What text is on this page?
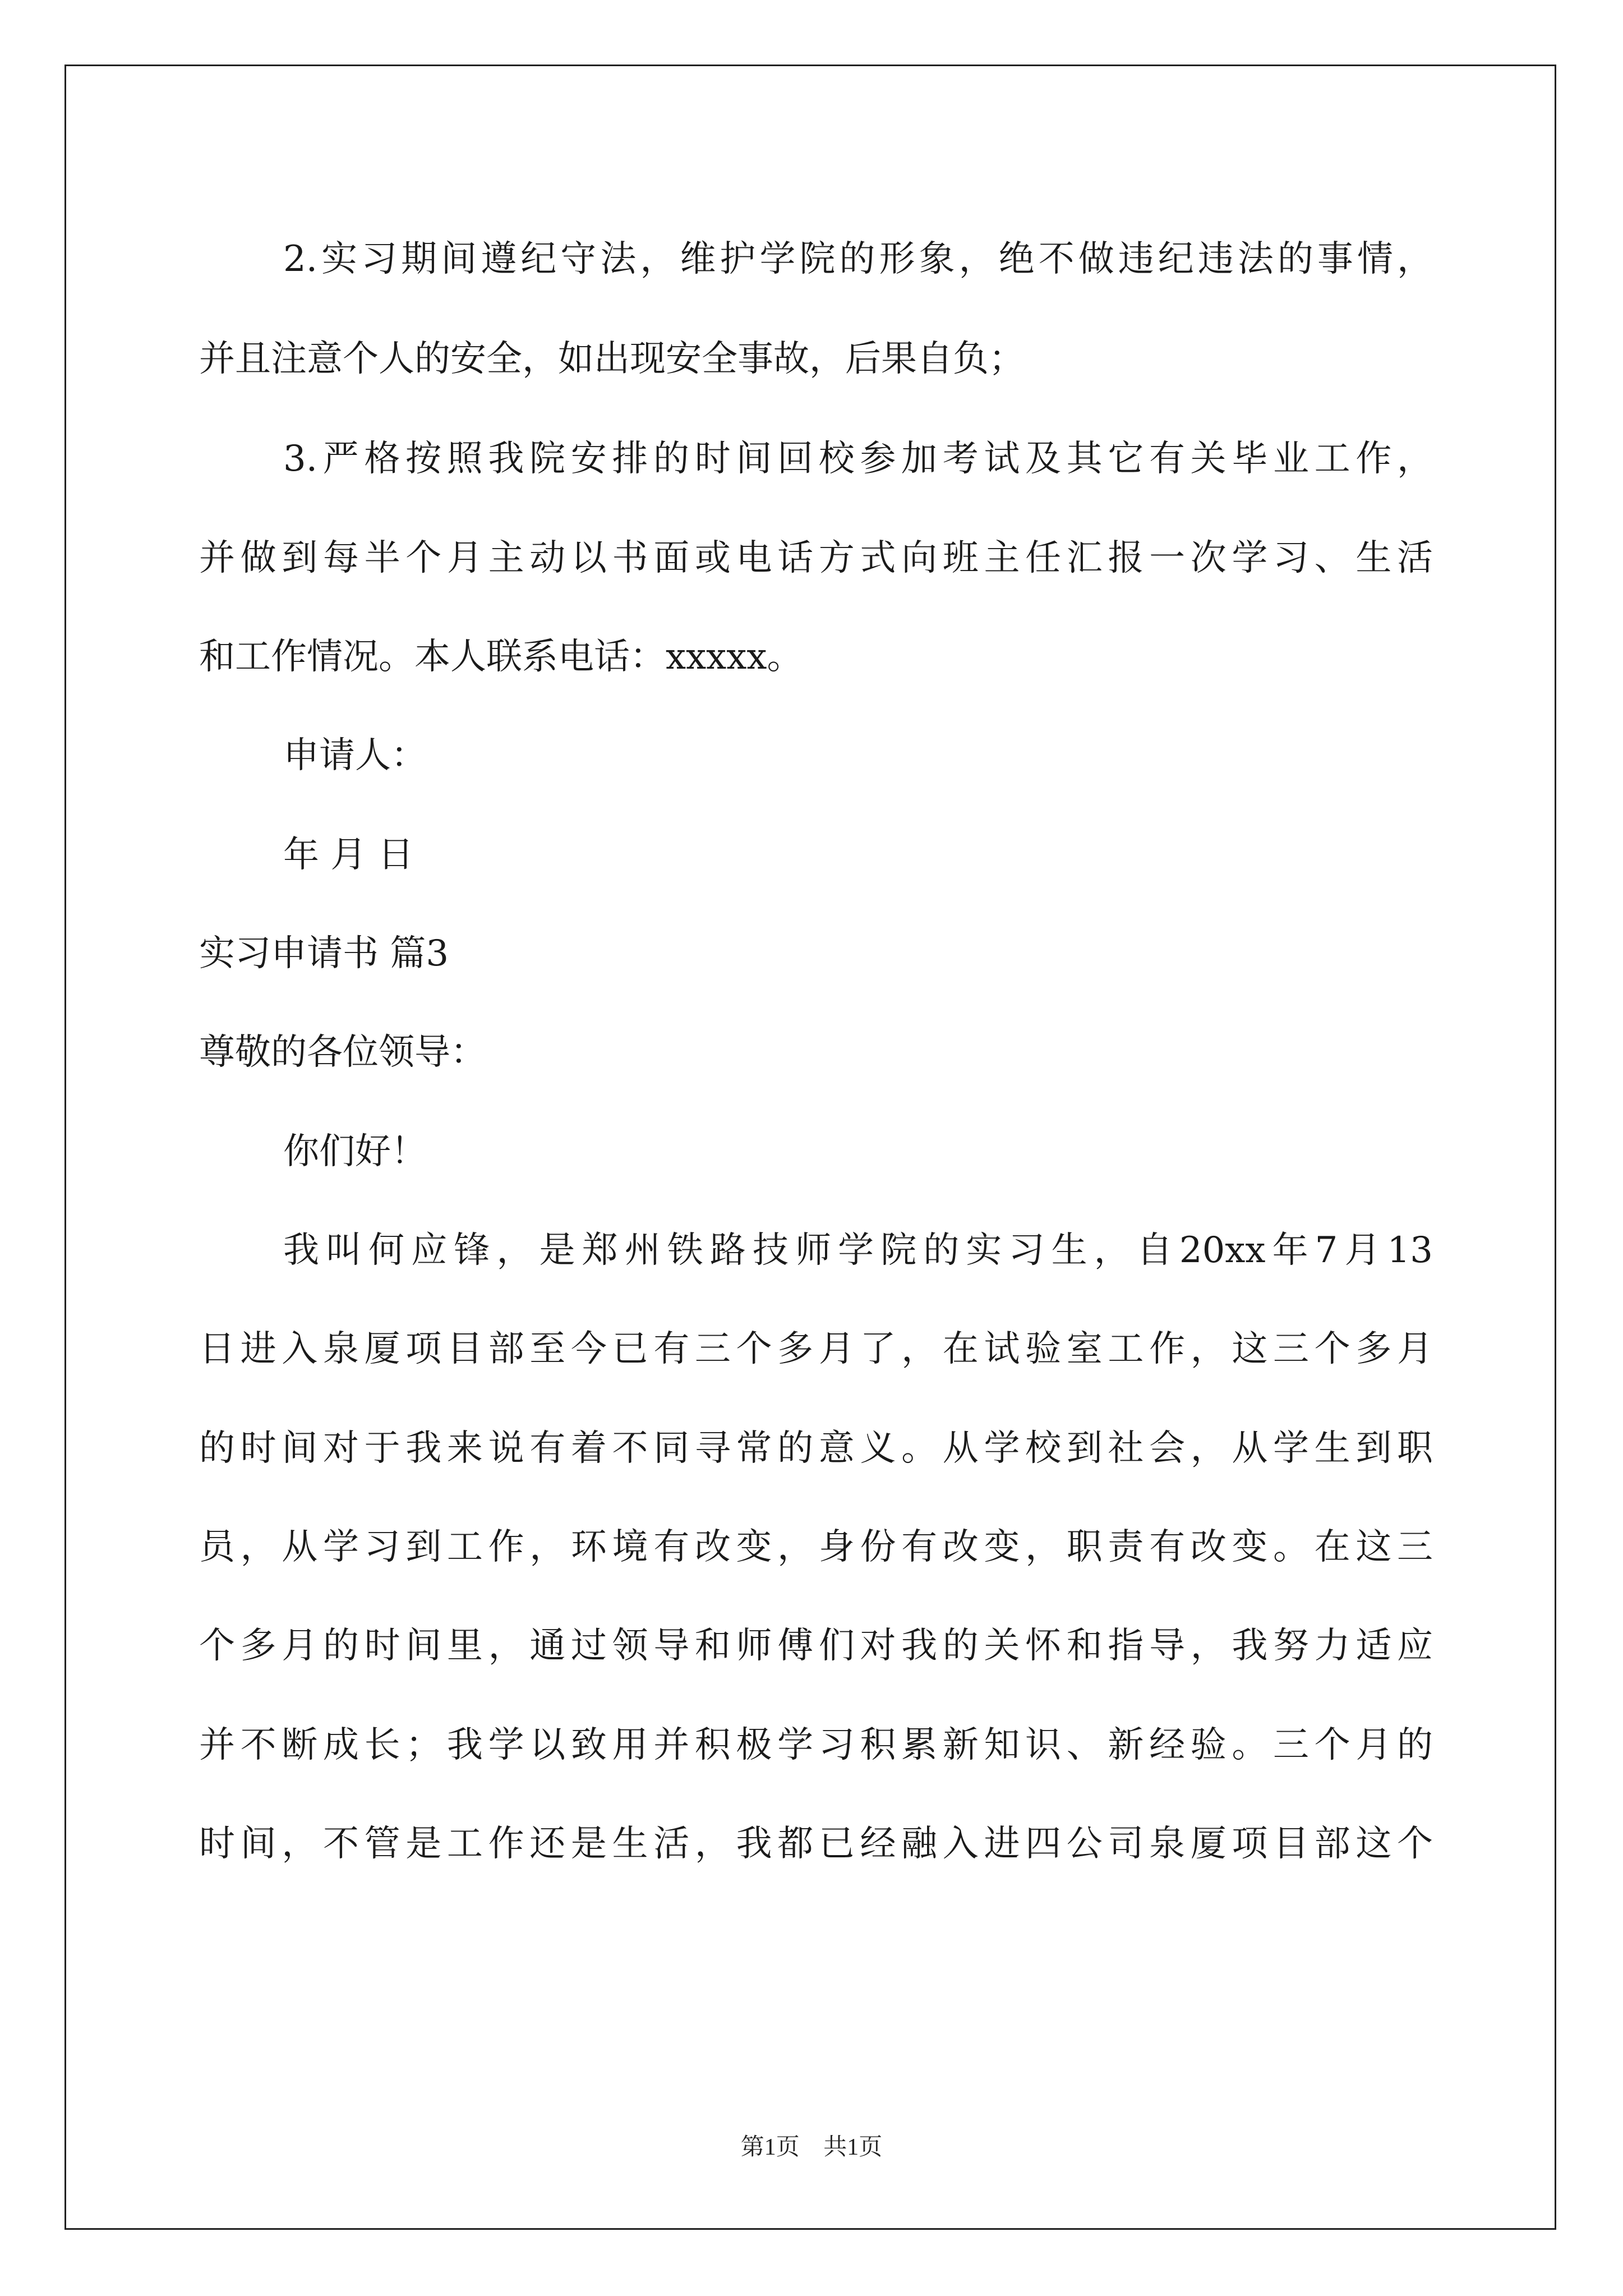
2.实习期间遵纪守法，维护学院的形象，绝不做违纪违法的事情，
并且注意个人的安全，如出现安全事故，后果自负；
3.严格按照我院安排的时间回校参加考试及其它有关毕业工作，
并做到每半个月主动以书面或电话方式向班主任汇报一次学习、生活
和工作情况。本人联系电话：xxxxx。
申请人：
年 月 日
实习申请书 篇3
尊敬的各位领导：
你们好！
我叫何应锋，是郑州铁路技师学院的实习生，自20xx年7月13
日进入泉厦项目部至今已有三个多月了，在试验室工作，这三个多月
的时间对于我来说有着不同寻常的意义。从学校到社会，从学生到职
员，从学习到工作，环境有改变，身份有改变，职责有改变。在这三
个多月的时间里，通过领导和师傅们对我的关怀和指导，我努力适应
并不断成长；我学以致用并积极学习积累新知识、新经验。三个月的
时间，不管是工作还是生活，我都已经融入进四公司泉厦项目部这个
第1页 共1页
